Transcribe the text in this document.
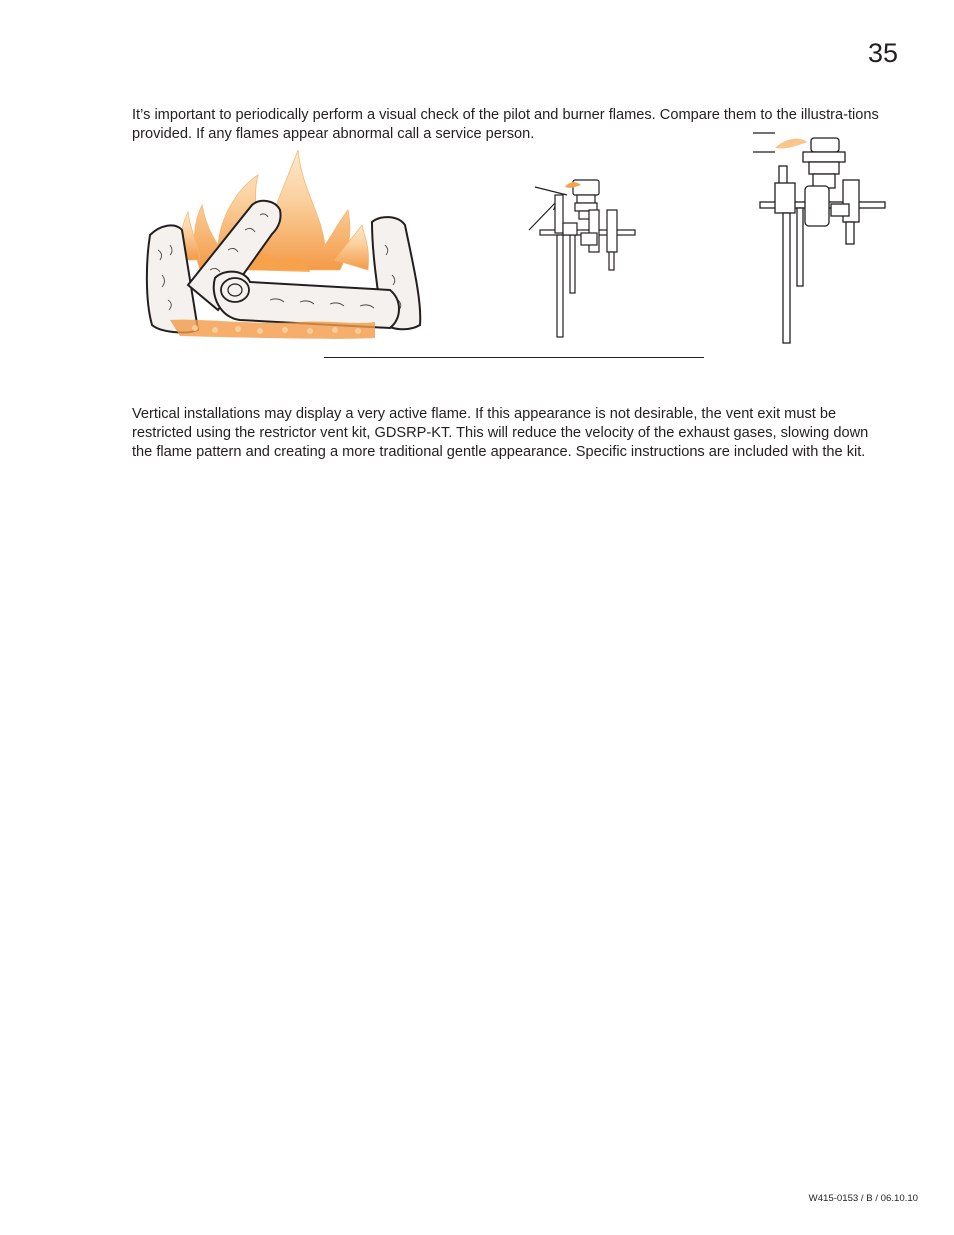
35

It’s important to periodically perform a visual check of the pilot and burner flames. Compare them to the illustra-tions provided. If any flames appear abnormal call a service person.

Vertical installations may display a very active flame. If this appearance is not desirable, the vent exit must be restricted using the restrictor vent kit, GDSRP-KT. This will reduce the velocity of the exhaust gases, slowing down the flame pattern and creating a more traditional gentle appearance. Specific instructions are included with the kit.

W415-0153 / B / 06.10.10
